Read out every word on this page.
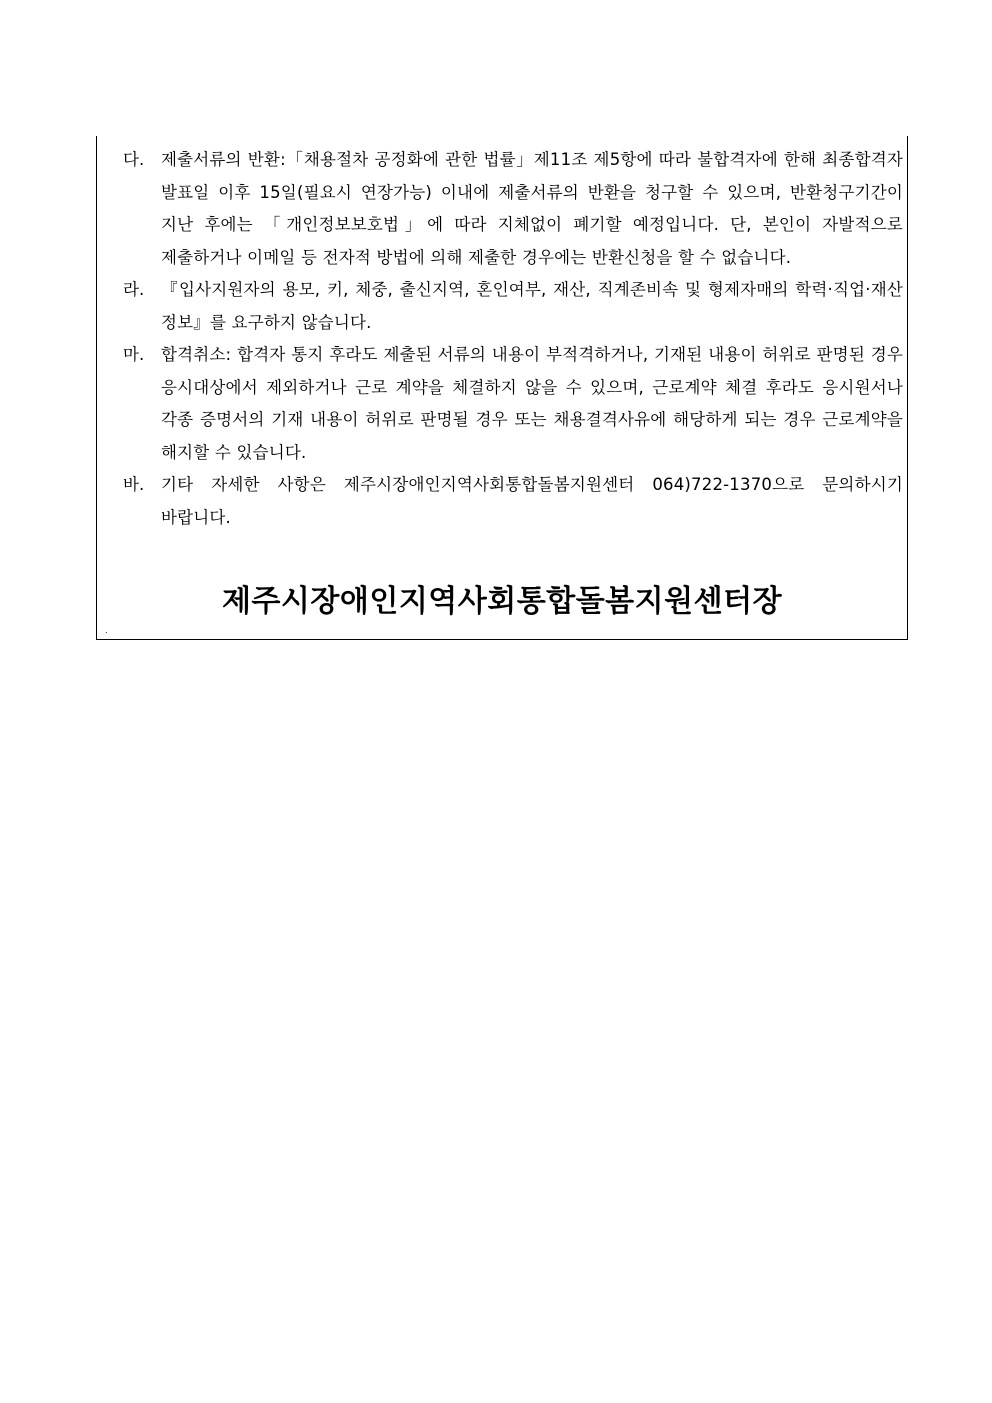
다.	제출서류의 반환:「채용절차 공정화에 관한 법률」제11조 제5항에 따라 불합격자에 한해 최종합격자 발표일 이후 15일(필요시 연장가능) 이내에 제출서류의 반환을 청구할 수 있으며, 반환청구기간이 지난 후에는 「개인정보보호법」에 따라 지체없이 폐기할 예정입니다. 단, 본인이 자발적으로 제출하거나 이메일 등 전자적 방법에 의해 제출한 경우에는 반환신청을 할 수 없습니다.
라.	『입사지원자의 용모, 키, 체중, 출신지역, 혼인여부, 재산, 직계존비속 및 형제자매의 학력·직업·재산 정보』를 요구하지 않습니다.
마.	합격취소: 합격자 통지 후라도 제출된 서류의 내용이 부적격하거나, 기재된 내용이 허위로 판명된 경우 응시대상에서 제외하거나 근로 계약을 체결하지 않을 수 있으며, 근로계약 체결 후라도 응시원서나 각종 증명서의 기재 내용이 허위로 판명될 경우 또는 채용결격사유에 해당하게 되는 경우 근로계약을 해지할 수 있습니다.
바.	기타 자세한 사항은 제주시장애인지역사회통합돌봄지원센터 064)722-1370으로 문의하시기 바랍니다.
제주시장애인지역사회통합돌봄지원센터장
.
